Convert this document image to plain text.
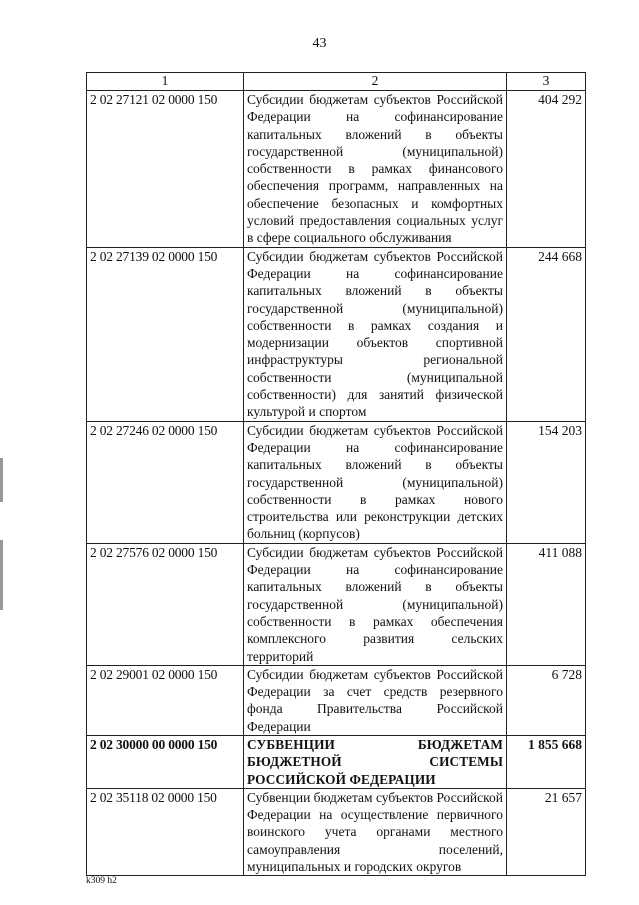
43
1	2	3
2 02 27121 02 0000 150	Субсидии бюджетам субъектов Российской Федерации на софинансирование капитальных вложений в объекты государственной (муниципальной) собственности в рамках финансового обеспечения программ, направленных на обеспечение безопасных и комфортных условий предоставления социальных услуг в сфере социального обслуживания	404 292
2 02 27139 02 0000 150	Субсидии бюджетам субъектов Российской Федерации на софинансирование капитальных вложений в объекты государственной (муниципальной) собственности в рамках создания и модернизации объектов спортивной инфраструктуры региональной собственности (муниципальной собственности) для занятий физической культурой и спортом	244 668
2 02 27246 02 0000 150	Субсидии бюджетам субъектов Российской Федерации на софинансирование капитальных вложений в объекты государственной (муниципальной) собственности в рамках нового строительства или реконструкции детских больниц (корпусов)	154 203
2 02 27576 02 0000 150	Субсидии бюджетам субъектов Российской Федерации на софинансирование капитальных вложений в объекты государственной (муниципальной) собственности в рамках обеспечения комплексного развития сельских территорий	411 088
2 02 29001 02 0000 150	Субсидии бюджетам субъектов Российской Федерации за счет средств резервного фонда Правительства Российской Федерации	6 728
2 02 30000 00 0000 150	СУБВЕНЦИИ БЮДЖЕТАМ БЮДЖЕТНОЙ СИСТЕМЫ РОССИЙСКОЙ ФЕДЕРАЦИИ	1 855 668
2 02 35118 02 0000 150	Субвенции бюджетам субъектов Российской Федерации на осуществление первичного воинского учета органами местного самоуправления поселений, муниципальных и городских округов	21 657
k309 h2
